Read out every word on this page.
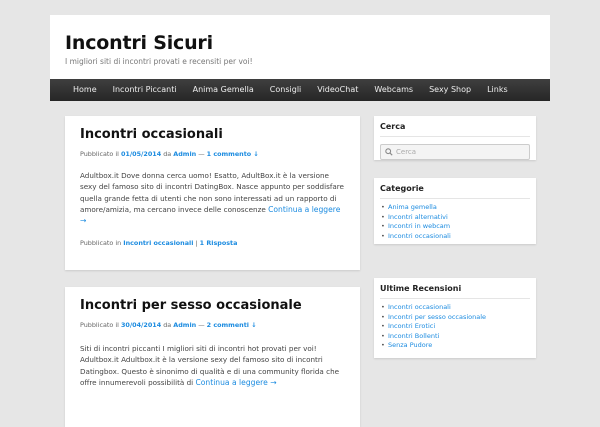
Incontri Sicuri
I migliori siti di incontri provati e recensiti per voi!
Home	Incontri Piccanti	Anima Gemella	Consigli	VideoChat	Webcams	Sexy Shop	Links
Incontri occasionali
Pubblicato il 01/05/2014 da Admin — 1 commento ↓
Adultbox.it Dove donna cerca uomo! Esatto, AdultBox.it è la versione sexy del famoso sito di incontri DatingBox. Nasce appunto per soddisfare quella grande fetta di utenti che non sono interessati ad un rapporto di amore/amizia, ma cercano invece delle conoscenze Continua a leggere →
Pubblicato in Incontri occasionali | 1 Risposta
Incontri per sesso occasionale
Pubblicato il 30/04/2014 da Admin — 2 commenti ↓
Siti di incontri piccanti I migliori siti di incontri hot provati per voi! Adultbox.it Adultbox.it è la versione sexy del famoso sito di incontri Datingbox. Questo è sinonimo di qualità e di una community florida che offre innumerevoli possibilità di Continua a leggere →
Cerca
Cerca
Categorie
• Anima gemella
• Incontri alternativi
• Incontri in webcam
• Incontri occasionali
Ultime Recensioni
• Incontri occasionali
• Incontri per sesso occasionale
• Incontri Erotici
• Incontri Bollenti
• Senza Pudore
